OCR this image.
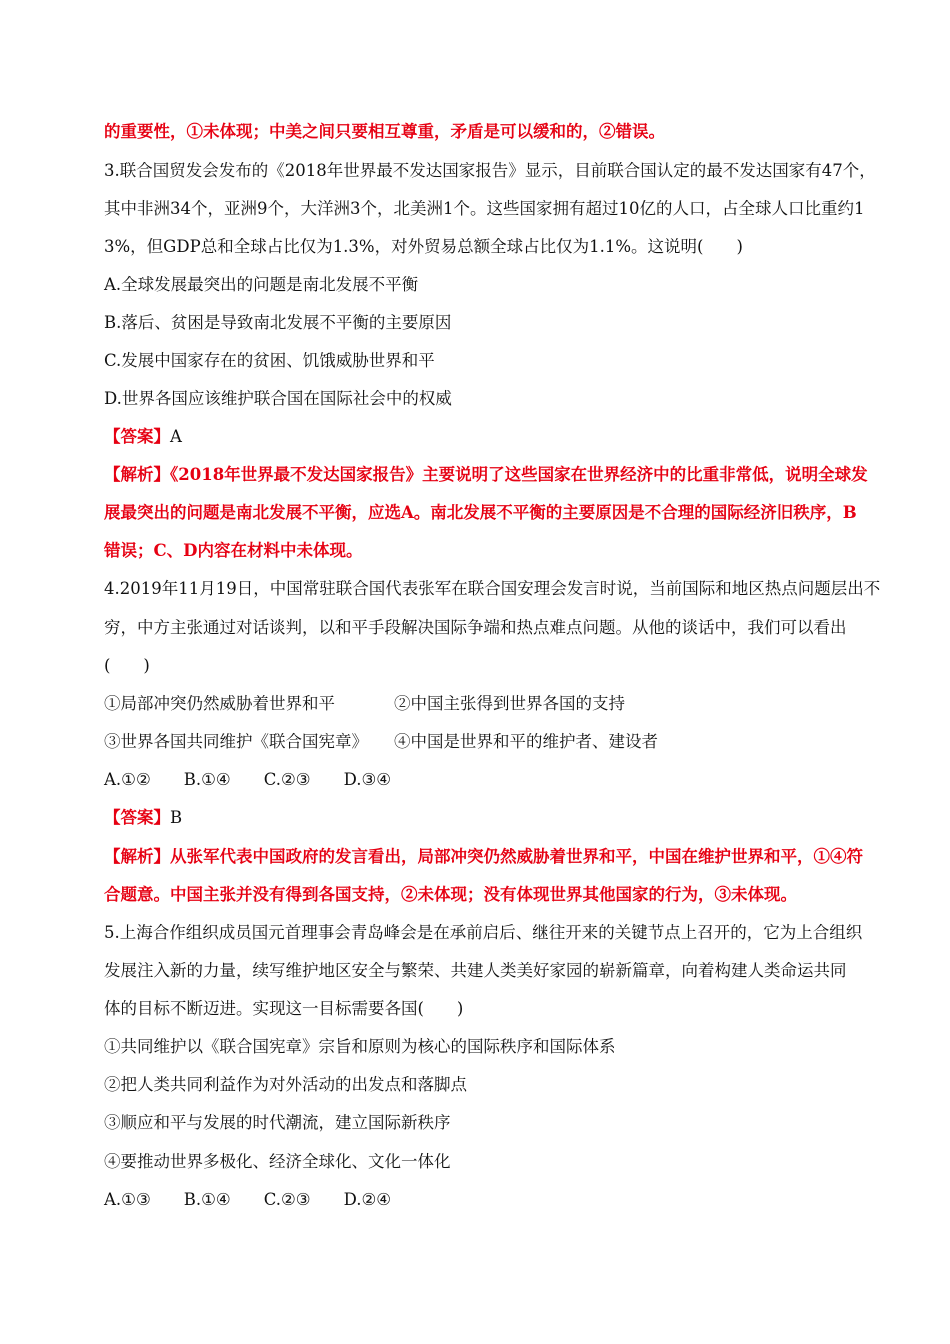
的重要性，①未体现；中美之间只要相互尊重，矛盾是可以缓和的，②错误。
3.联合国贸发会发布的《2018年世界最不发达国家报告》显示，目前联合国认定的最不发达国家有47个，
其中非洲34个，亚洲9个，大洋洲3个，北美洲1个。这些国家拥有超过10亿的人口，占全球人口比重约1
3%，但GDP总和全球占比仅为1.3%，对外贸易总额全球占比仅为1.1%。这说明(　　)
A.全球发展最突出的问题是南北发展不平衡
B.落后、贫困是导致南北发展不平衡的主要原因
C.发展中国家存在的贫困、饥饿威胁世界和平
D.世界各国应该维护联合国在国际社会中的权威
【答案】A
【解析】《2018年世界最不发达国家报告》主要说明了这些国家在世界经济中的比重非常低，说明全球发
展最突出的问题是南北发展不平衡，应选A。南北发展不平衡的主要原因是不合理的国际经济旧秩序，B
错误；C、D内容在材料中未体现。
4.2019年11月19日，中国常驻联合国代表张军在联合国安理会发言时说，当前国际和地区热点问题层出不
穷，中方主张通过对话谈判，以和平手段解决国际争端和热点难点问题。从他的谈话中，我们可以看出
(　　)
①局部冲突仍然威胁着世界和平	②中国主张得到世界各国的支持
③世界各国共同维护《联合国宪章》 ④中国是世界和平的维护者、建设者
A.①②　　B.①④　　C.②③　　D.③④
【答案】B
【解析】从张军代表中国政府的发言看出，局部冲突仍然威胁着世界和平，中国在维护世界和平，①④符
合题意。中国主张并没有得到各国支持，②未体现；没有体现世界其他国家的行为，③未体现。
5.上海合作组织成员国元首理事会青岛峰会是在承前启后、继往开来的关键节点上召开的，它为上合组织
发展注入新的力量，续写维护地区安全与繁荣、共建人类美好家园的崭新篇章，向着构建人类命运共同
体的目标不断迈进。实现这一目标需要各国(　　)
①共同维护以《联合国宪章》宗旨和原则为核心的国际秩序和国际体系
②把人类共同利益作为对外活动的出发点和落脚点
③顺应和平与发展的时代潮流，建立国际新秩序
④要推动世界多极化、经济全球化、文化一体化
A.①③　　B.①④　　C.②③　　D.②④
